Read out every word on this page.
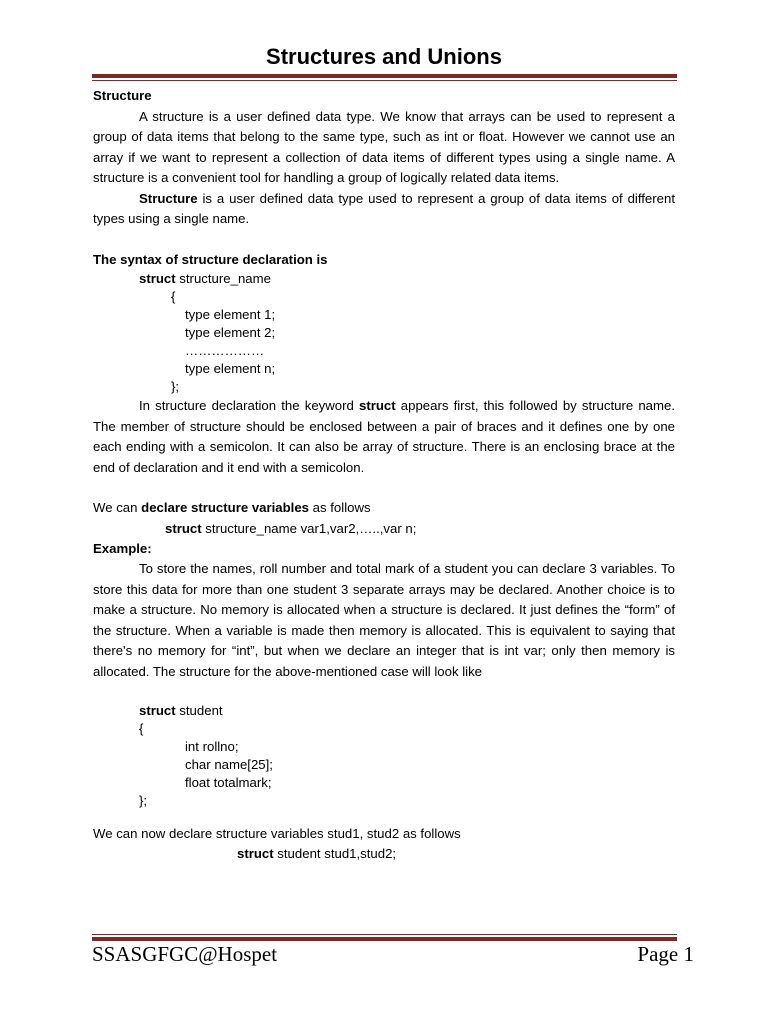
Structures and Unions
Structure
A structure is a user defined data type. We know that arrays can be used to represent a group of data items that belong to the same type, such as int or float. However we cannot use an array if we want to represent a collection of data items of different types using a single name. A structure is a convenient tool for handling a group of logically related data items.
Structure is a user defined data type used to represent a group of data items of different types using a single name.
The syntax of structure declaration is
struct structure_name
{
type element 1;
type element 2;
………………
type element n;
};
In structure declaration the keyword struct appears first, this followed by structure name. The member of structure should be enclosed between a pair of braces and it defines one by one each ending with a semicolon. It can also be array of structure. There is an enclosing brace at the end of declaration and it end with a semicolon.
We can declare structure variables as follows
struct structure_name var1,var2,…..,var n;
Example:
To store the names, roll number and total mark of a student you can declare 3 variables. To store this data for more than one student 3 separate arrays may be declared. Another choice is to make a structure. No memory is allocated when a structure is declared. It just defines the “form” of the structure. When a variable is made then memory is allocated. This is equivalent to saying that there's no memory for “int”, but when we declare an integer that is int var; only then memory is allocated. The structure for the above-mentioned case will look like
struct student
{
int rollno;
char name[25];
float totalmark;
};
We can now declare structure variables stud1, stud2 as follows
struct student stud1,stud2;
SSASGFGC@Hospet	Page 1
